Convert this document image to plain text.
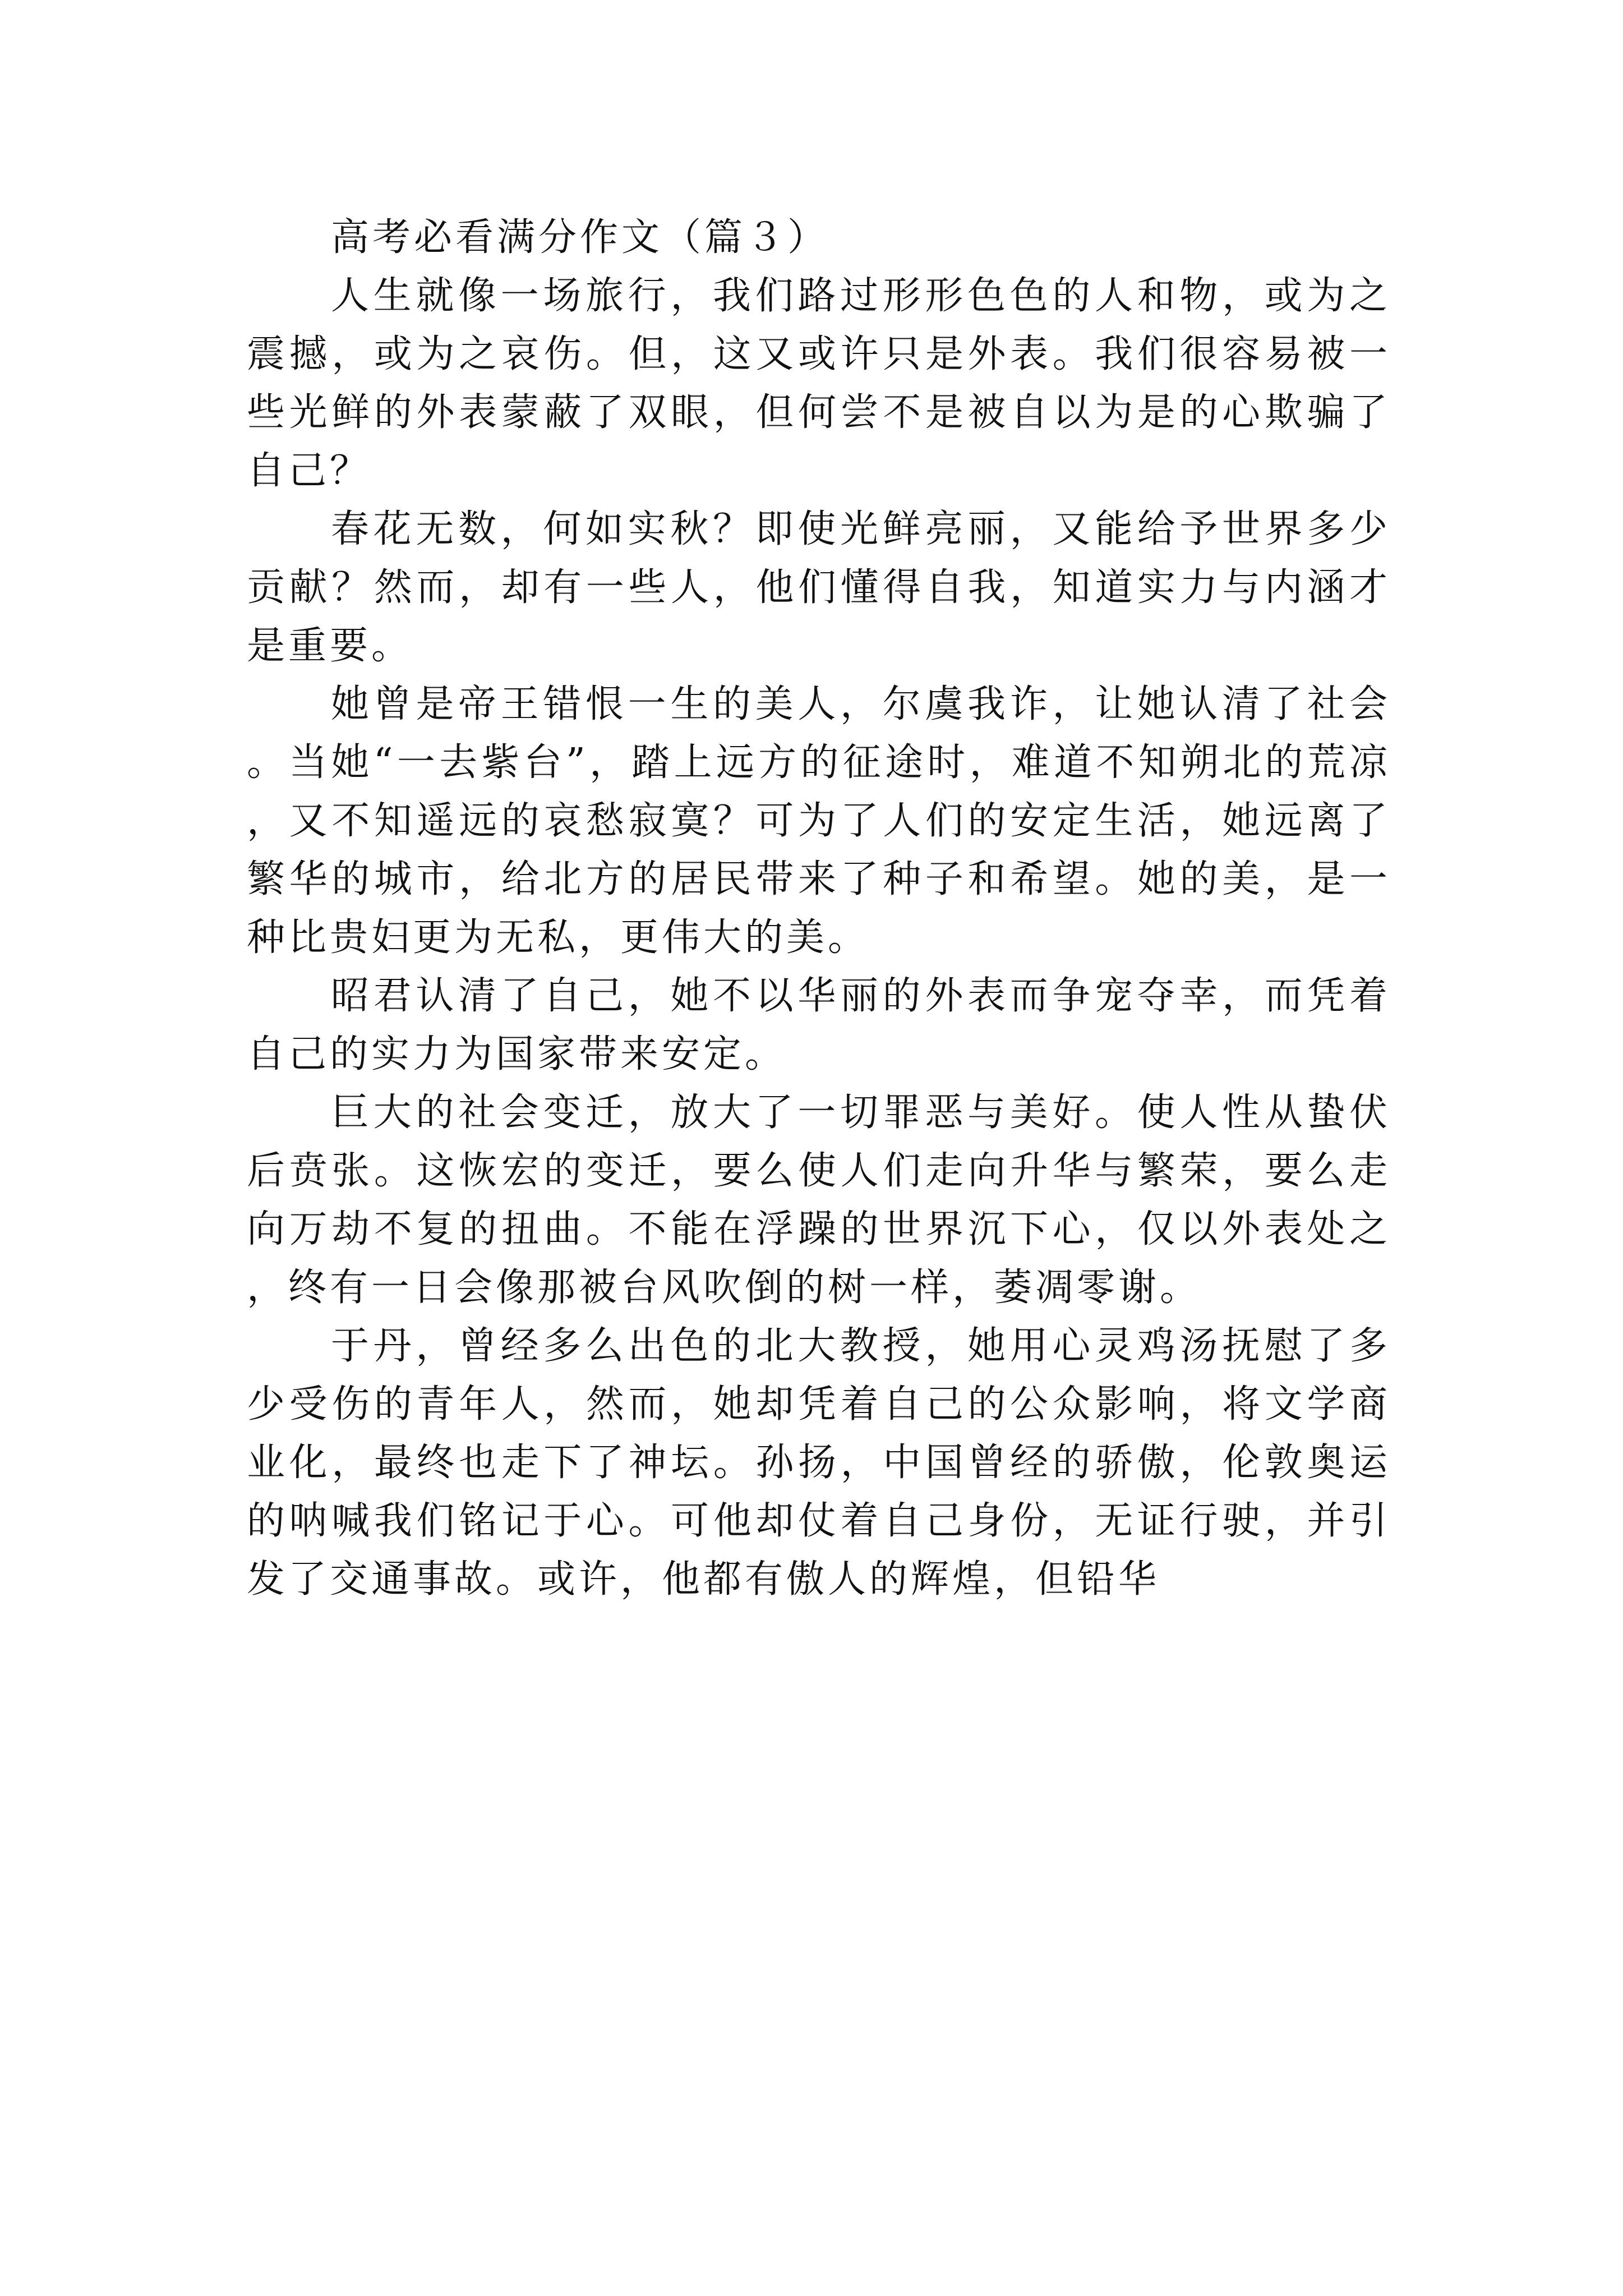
高考必看满分作文（篇３）

人生就像一场旅行，我们路过形形色色的人和物，或为之震撼，或为之哀伤。但，这又或许只是外表。我们很容易被一些光鲜的外表蒙蔽了双眼，但何尝不是被自以为是的心欺骗了自己？

春花无数，何如实秋？即使光鲜亮丽，又能给予世界多少贡献？然而，却有一些人，他们懂得自我，知道实力与内涵才是重要。

她曾是帝王错恨一生的美人，尔虞我诈，让她认清了社会。当她“一去紫台”，踏上远方的征途时，难道不知朔北的荒凉，又不知遥远的哀愁寂寞？可为了人们的安定生活，她远离了繁华的城市，给北方的居民带来了种子和希望。她的美，是一种比贵妇更为无私，更伟大的美。

昭君认清了自己，她不以华丽的外表而争宠夺幸，而凭着自己的实力为国家带来安定。

巨大的社会变迁，放大了一切罪恶与美好。使人性从蛰伏后贲张。这恢宏的变迁，要么使人们走向升华与繁荣，要么走向万劫不复的扭曲。不能在浮躁的世界沉下心，仅以外表处之，终有一日会像那被台风吹倒的树一样，萎凋零谢。

于丹，曾经多么出色的北大教授，她用心灵鸡汤抚慰了多少受伤的青年人，然而，她却凭着自己的公众影响，将文学商业化，最终也走下了神坛。孙扬，中国曾经的骄傲，伦敦奥运的呐喊我们铭记于心。可他却仗着自己身份，无证行驶，并引发了交通事故。或许，他都有傲人的辉煌，但铅华
